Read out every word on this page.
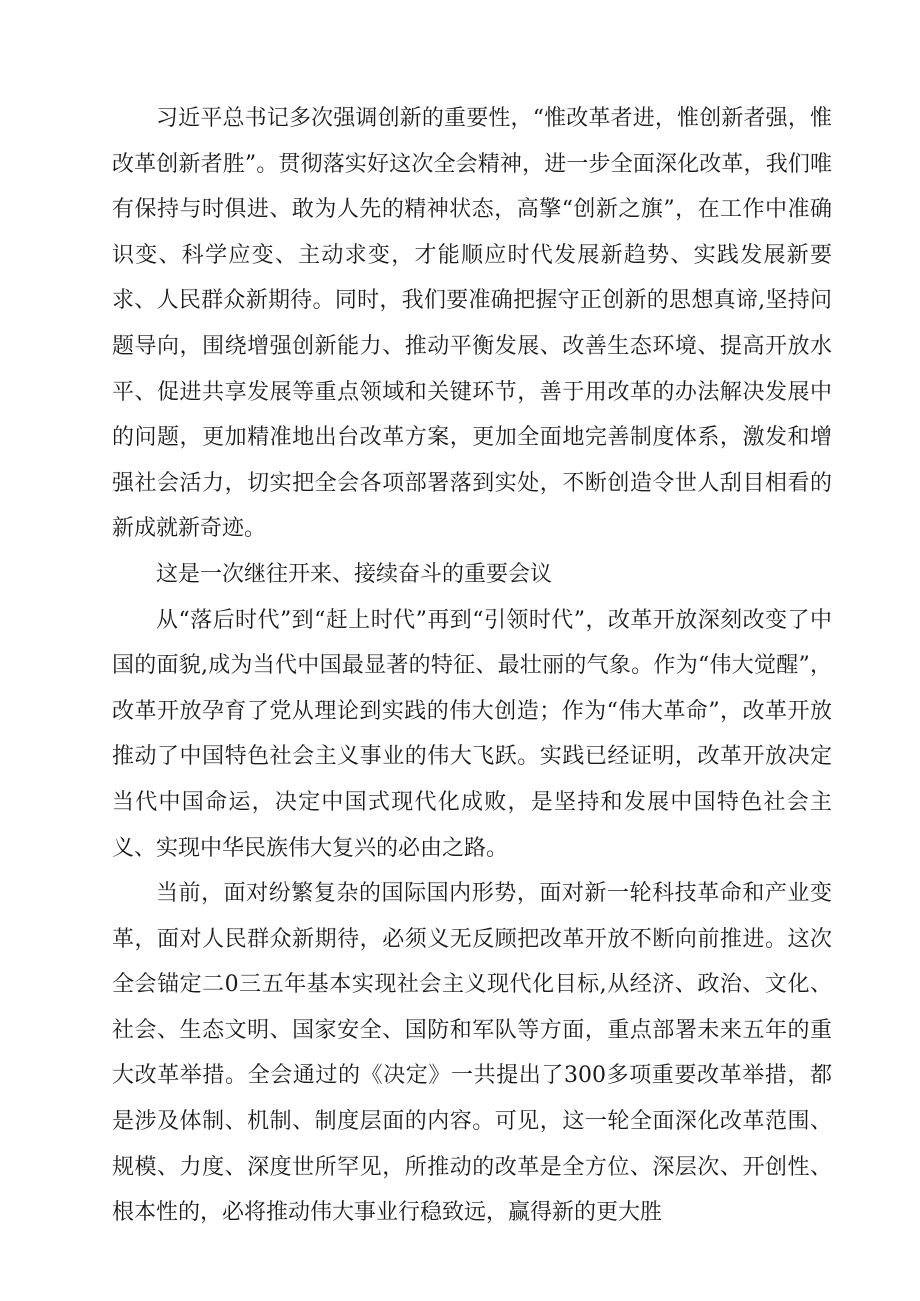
习近平总书记多次强调创新的重要性，“惟改革者进，惟创新者强，惟改革创新者胜”。贯彻落实好这次全会精神，进一步全面深化改革，我们唯有保持与时俱进、敢为人先的精神状态，高擎“创新之旗”，在工作中准确识变、科学应变、主动求变，才能顺应时代发展新趋势、实践发展新要求、人民群众新期待。同时，我们要准确把握守正创新的思想真谛,坚持问题导向，围绕增强创新能力、推动平衡发展、改善生态环境、提高开放水平、促进共享发展等重点领域和关键环节，善于用改革的办法解决发展中的问题，更加精准地出台改革方案，更加全面地完善制度体系，激发和增强社会活力，切实把全会各项部署落到实处，不断创造令世人刮目相看的新成就新奇迹。

这是一次继往开来、接续奋斗的重要会议

从“落后时代”到“赶上时代”再到“引领时代”，改革开放深刻改变了中国的面貌,成为当代中国最显著的特征、最壮丽的气象。作为“伟大觉醒”，改革开放孕育了党从理论到实践的伟大创造；作为“伟大革命”，改革开放推动了中国特色社会主义事业的伟大飞跃。实践已经证明，改革开放决定当代中国命运，决定中国式现代化成败，是坚持和发展中国特色社会主义、实现中华民族伟大复兴的必由之路。

当前，面对纷繁复杂的国际国内形势，面对新一轮科技革命和产业变革，面对人民群众新期待，必须义无反顾把改革开放不断向前推进。这次全会锚定二0三五年基本实现社会主义现代化目标,从经济、政治、文化、社会、生态文明、国家安全、国防和军队等方面，重点部署未来五年的重大改革举措。全会通过的《决定》一共提出了300多项重要改革举措，都是涉及体制、机制、制度层面的内容。可见，这一轮全面深化改革范围、规模、力度、深度世所罕见，所推动的改革是全方位、深层次、开创性、根本性的，必将推动伟大事业行稳致远，赢得新的更大胜
